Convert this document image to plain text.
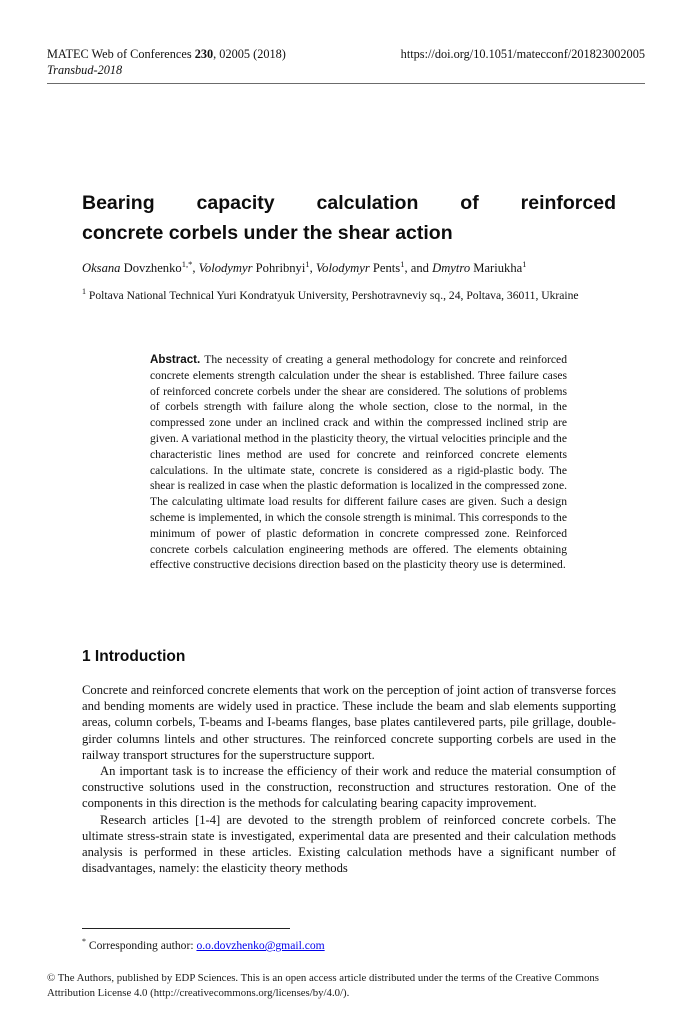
MATEC Web of Conferences 230, 02005 (2018)
Transbud-2018
https://doi.org/10.1051/matecconf/201823002005
Bearing capacity calculation of reinforced
concrete corbels under the shear action
Oksana Dovzhenko$^{1,*}$, Volodymyr Pohribnyi$^1$, Volodymyr Pents$^1$, and Dmytro Mariukha$^1$
$^1$ Poltava National Technical Yuri Kondratyuk University, Pershotravneviy sq., 24, Poltava, 36011, Ukraine
Abstract. The necessity of creating a general methodology for concrete and reinforced concrete elements strength calculation under the shear is established. Three failure cases of reinforced concrete corbels under the shear are considered. The solutions of problems of corbels strength with failure along the whole section, close to the normal, in the compressed zone under an inclined crack and within the compressed inclined strip are given. A variational method in the plasticity theory, the virtual velocities principle and the characteristic lines method are used for concrete and reinforced concrete elements calculations. In the ultimate state, concrete is considered as a rigid-plastic body. The shear is realized in case when the plastic deformation is localized in the compressed zone. The calculating ultimate load results for different failure cases are given. Such a design scheme is implemented, in which the console strength is minimal. This corresponds to the minimum of power of plastic deformation in concrete compressed zone. Reinforced concrete corbels calculation engineering methods are offered. The elements obtaining effective constructive decisions direction based on the plasticity theory use is determined.
1 Introduction

Concrete and reinforced concrete elements that work on the perception of joint action of transverse forces and bending moments are widely used in practice. These include the beam and slab elements supporting areas, column corbels, T-beams and I-beams flanges, base plates cantilevered parts, pile grillage, double-girder columns lintels and other structures. The reinforced concrete supporting corbels are used in the railway transport structures for the superstructure support.

An important task is to increase the efficiency of their work and reduce the material consumption of constructive solutions used in the construction, reconstruction and structures restoration. One of the components in this direction is the methods for calculating bearing capacity improvement.

Research articles [1-4] are devoted to the strength problem of reinforced concrete corbels. The ultimate stress-strain state is investigated, experimental data are presented and their calculation methods analysis is performed in these articles. Existing calculation methods have a significant number of disadvantages, namely: the elasticity theory methods

* Corresponding author: o.o.dovzhenko@gmail.com
© The Authors, published by EDP Sciences. This is an open access article distributed under the terms of the Creative Commons Attribution License 4.0 (http://creativecommons.org/licenses/by/4.0/).
